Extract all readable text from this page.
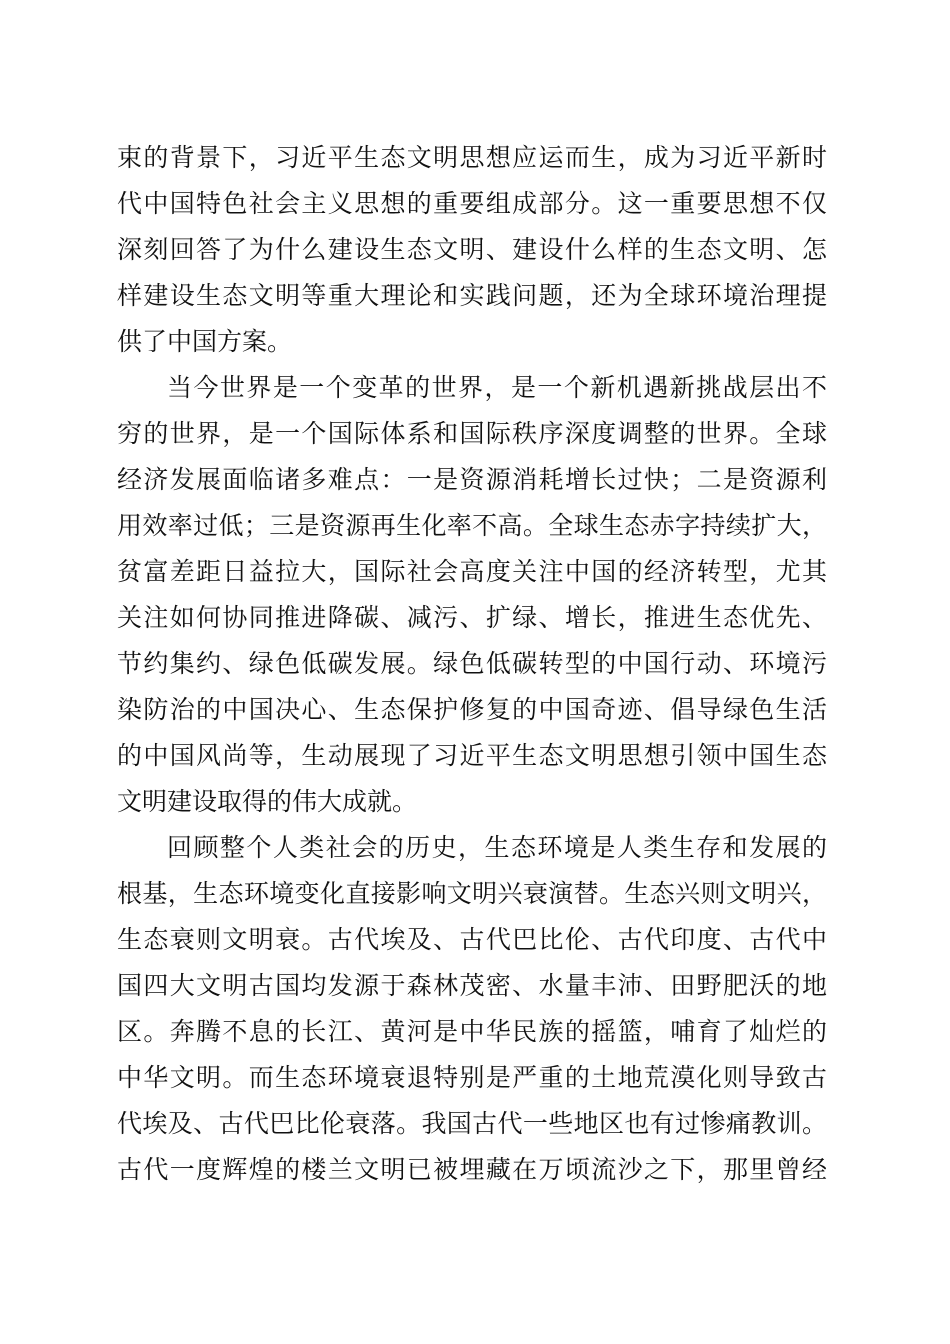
束的背景下，习近平生态文明思想应运而生，成为习近平新时
代中国特色社会主义思想的重要组成部分。这一重要思想不仅
深刻回答了为什么建设生态文明、建设什么样的生态文明、怎
样建设生态文明等重大理论和实践问题，还为全球环境治理提
供了中国方案。
当今世界是一个变革的世界，是一个新机遇新挑战层出不
穷的世界，是一个国际体系和国际秩序深度调整的世界。全球
经济发展面临诸多难点：一是资源消耗增长过快；二是资源利
用效率过低；三是资源再生化率不高。全球生态赤字持续扩大，
贫富差距日益拉大，国际社会高度关注中国的经济转型，尤其
关注如何协同推进降碳、减污、扩绿、增长，推进生态优先、
节约集约、绿色低碳发展。绿色低碳转型的中国行动、环境污
染防治的中国决心、生态保护修复的中国奇迹、倡导绿色生活
的中国风尚等，生动展现了习近平生态文明思想引领中国生态
文明建设取得的伟大成就。
回顾整个人类社会的历史，生态环境是人类生存和发展的
根基，生态环境变化直接影响文明兴衰演替。生态兴则文明兴，
生态衰则文明衰。古代埃及、古代巴比伦、古代印度、古代中
国四大文明古国均发源于森林茂密、水量丰沛、田野肥沃的地
区。奔腾不息的长江、黄河是中华民族的摇篮，哺育了灿烂的
中华文明。而生态环境衰退特别是严重的土地荒漠化则导致古
代埃及、古代巴比伦衰落。我国古代一些地区也有过惨痛教训。
古代一度辉煌的楼兰文明已被埋藏在万顷流沙之下，那里曾经
